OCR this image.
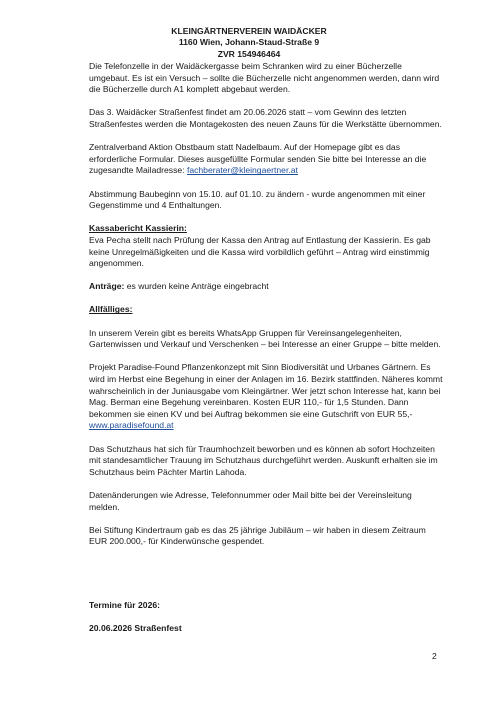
KLEINGÄRTNERVEREIN WAIDÄCKER
1160 Wien, Johann-Staud-Straße 9
ZVR 154946464

Die Telefonzelle in der Waidäckergasse beim Schranken wird zu einer Bücherzelle umgebaut. Es ist ein Versuch – sollte die Bücherzelle nicht angenommen werden, dann wird die Bücherzelle durch A1 komplett abgebaut werden.

Das 3. Waidäcker Straßenfest findet am 20.06.2026 statt – vom Gewinn des letzten Straßenfestes werden die Montagekosten des neuen Zauns für die Werkstätte übernommen.

Zentralverband Aktion Obstbaum statt Nadelbaum. Auf der Homepage gibt es das erforderliche Formular. Dieses ausgefüllte Formular senden Sie bitte bei Interesse an die zugesandte Mailadresse: fachberater@kleingaertner.at

Abstimmung Baubeginn von 15.10. auf 01.10. zu ändern - wurde angenommen mit einer Gegenstimme und 4 Enthaltungen.

Kassabericht Kassierin:

Eva Pecha stellt nach Prüfung der Kassa den Antrag auf Entlastung der Kassierin. Es gab keine Unregelmäßigkeiten und die Kassa wird vorbildlich geführt – Antrag wird einstimmig angenommen.

Anträge: es wurden keine Anträge eingebracht

Allfälliges:

In unserem Verein gibt es bereits WhatsApp Gruppen für Vereinsangelegenheiten, Gartenwissen und Verkauf und Verschenken – bei Interesse an einer Gruppe – bitte melden.

Projekt Paradise-Found Pflanzenkonzept mit Sinn Biodiversität und Urbanes Gärtnern. Es wird im Herbst eine Begehung in einer der Anlagen im 16. Bezirk stattfinden. Näheres kommt wahrscheinlich in der Juniausgabe vom Kleingärtner. Wer jetzt schon Interesse hat, kann bei Mag. Berman eine Begehung vereinbaren. Kosten EUR 110,- für 1,5 Stunden. Dann bekommen sie einen KV und bei Auftrag bekommen sie eine Gutschrift von EUR 55,-
www.paradisefound.at

Das Schutzhaus hat sich für Traumhochzeit beworben und es können ab sofort Hochzeiten mit standesamtlicher Trauung im Schutzhaus durchgeführt werden. Auskunft erhalten sie im Schutzhaus beim Pächter Martin Lahoda.

Datenänderungen wie Adresse, Telefonnummer oder Mail bitte bei der Vereinsleitung melden.

Bei Stiftung Kindertraum gab es das 25 jährige Jubiläum – wir haben in diesem Zeitraum EUR 200.000,- für Kinderwünsche gespendet.

Termine für 2026:

20.06.2026 Straßenfest

2
